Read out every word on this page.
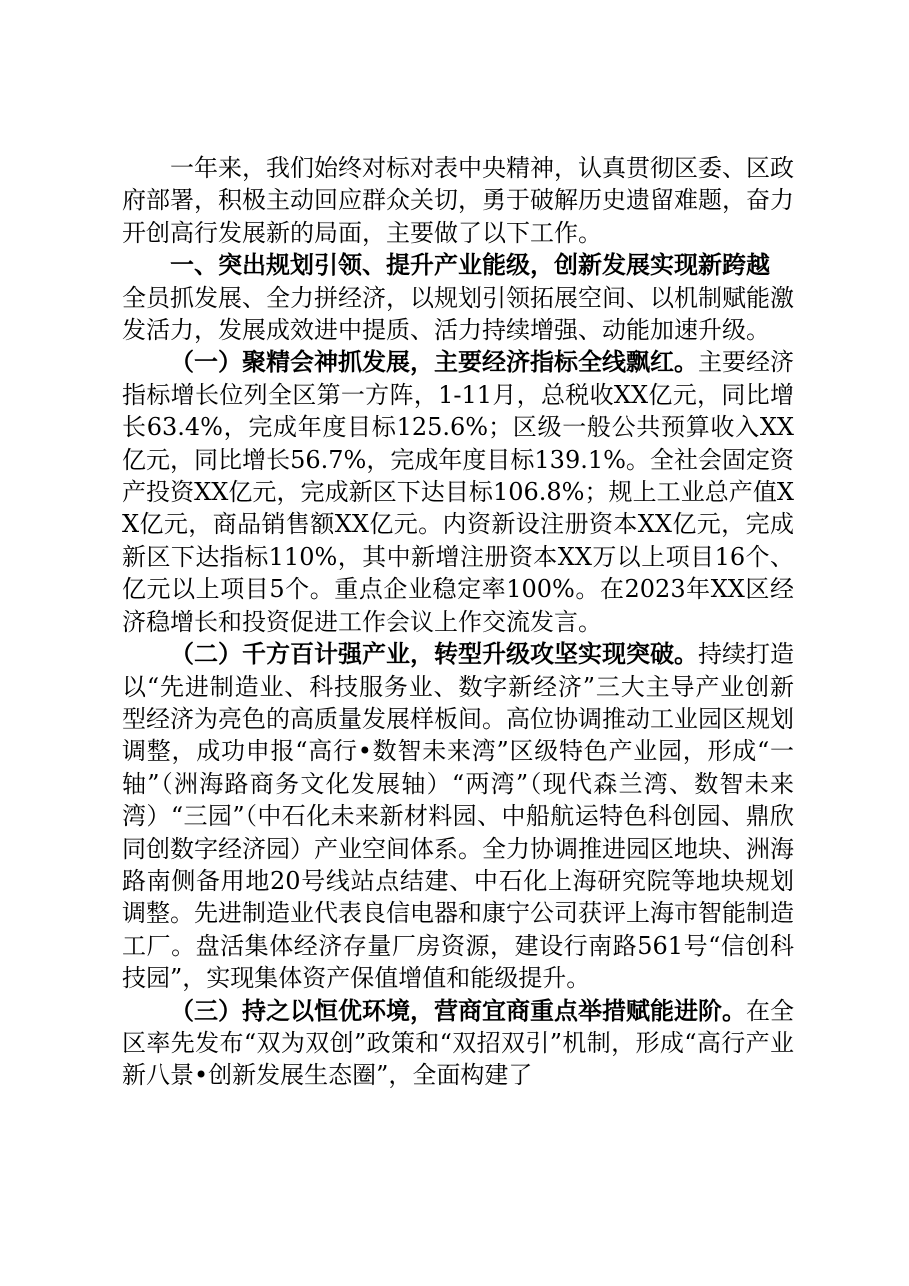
一年来，我们始终对标对表中央精神，认真贯彻区委、区政府部署，积极主动回应群众关切，勇于破解历史遗留难题，奋力开创高行发展新的局面，主要做了以下工作。

一、突出规划引领、提升产业能级，创新发展实现新跨越

全员抓发展、全力拼经济，以规划引领拓展空间、以机制赋能激发活力，发展成效进中提质、活力持续增强、动能加速升级。

（一）聚精会神抓发展，主要经济指标全线飘红。主要经济指标增长位列全区第一方阵，1-11月，总税收XX亿元，同比增长63.4%，完成年度目标125.6%；区级一般公共预算收入XX亿元，同比增长56.7%，完成年度目标139.1%。全社会固定资产投资XX亿元，完成新区下达目标106.8%；规上工业总产值XX亿元，商品销售额XX亿元。内资新设注册资本XX亿元，完成新区下达指标110%，其中新增注册资本XX万以上项目16个、亿元以上项目5个。重点企业稳定率100%。在2023年XX区经济稳增长和投资促进工作会议上作交流发言。

（二）千方百计强产业，转型升级攻坚实现突破。持续打造以“先进制造业、科技服务业、数字新经济”三大主导产业创新型经济为亮色的高质量发展样板间。高位协调推动工业园区规划调整，成功申报“高行•数智未来湾”区级特色产业园，形成“一轴”（洲海路商务文化发展轴）“两湾”（现代森兰湾、数智未来湾）“三园”（中石化未来新材料园、中船航运特色科创园、鼎欣同创数字经济园）产业空间体系。全力协调推进园区地块、洲海路南侧备用地20号线站点结建、中石化上海研究院等地块规划调整。先进制造业代表良信电器和康宁公司获评上海市智能制造工厂。盘活集体经济存量厂房资源，建设行南路561号“信创科技园”，实现集体资产保值增值和能级提升。

（三）持之以恒优环境，营商宜商重点举措赋能进阶。在全区率先发布“双为双创”政策和“双招双引”机制，形成“高行产业新八景•创新发展生态圈”，全面构建了
